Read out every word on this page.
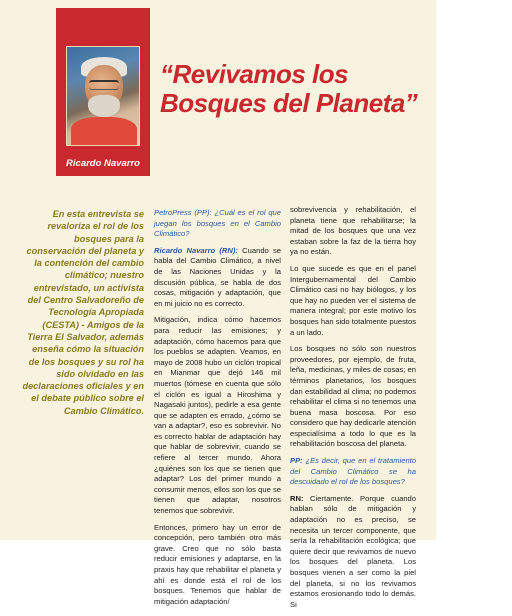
Ricardo Navarro
“Revivamos los Bosques del Planeta”
En esta entrevista se revaloriza el rol de los bosques para la conservación del planeta y la contención del cambio climático; nuestro entrevistado, un activista del Centro Salvadoreño de Tecnología Apropiada (CESTA) - Amigos de la Tierra El Salvador, además enseña cómo la situación de los bosques y su rol ha sido olvidado en las declaraciones oficiales y en el debate público sobre el Cambio Climático.

PetroPress (PP): ¿Cuál es el rol que juegan los bosques en el Cambio Climático?

Ricardo Navarro (RN): Cuando se habla del Cambio Climático, a nivel de las Naciones Unidas y la discusión pública, se habla de dos cosas, mitigación y adaptación, que en mi juicio no es correcto.

Mitigación, indica cómo hacemos para reducir las emisiones; y adaptación, cómo hacemos para que los pueblos se adapten. Veamos, en mayo de 2008 hubo un ciclón tropical en Mianmar que dejó 146 mil muertos (tómese en cuenta que sólo el ciclón es igual a Hiroshima y Nagasaki juntos), pedirle a esa gente que se adapten es errado, ¿cómo se van a adaptar?, eso es sobrevivir. No es correcto hablar de adaptación hay que hablar de sobrevivir, cuando se refiere al tercer mundo. Ahora ¿quiénes son los que se tienen que adaptar? Los del primer mundo a consumir menos, ellos son los que se tienen que adaptar, nosotros tenemos que sobrevivir.

Entonces, primero hay un error de concepción, pero también otro más grave. Creo que no sólo basta reducir emisiones y adaptarse, en la praxis hay que rehabilitar el planeta y ahí es donde está el rol de los bosques. Tenemos que hablar de mitigación adaptación/

sobrevivencia y rehabilitación, el planeta tiene que rehabilitarse; la mitad de los bosques que una vez estaban sobre la faz de la tierra hoy ya no están.

Lo que sucede es que en el panel Intergubernamental del Cambio Climático casi no hay biólogos, y los que hay no pueden ver el sistema de manera integral; por este motivo los bosques han sido totalmente puestos a un lado.

Los bosques no sólo son nuestros proveedores, por ejemplo, de fruta, leña, medicinas, y miles de cosas; en términos planetarios, los bosques dan estabilidad al clima; no podemos rehabilitar el clima si no tenemos una buena masa boscosa. Por eso considero que hay dedicarle atención especialísima a todo lo que es la rehabilitación boscosa del planeta.

PP: ¿Es decir, que en el tratamiento del Cambio Climático se ha descuidado el rol de los bosques?

RN: Ciertamente. Porque cuando hablan sólo de mitigación y adaptación no es preciso, se necesita un tercer componente, que sería la rehabilitación ecológica; que quiere decir que revivamos de nuevo los bosques del planeta. Los bosques vienen a ser como la piel del planeta, si no los revivamos estamos erosionando todo lo demás. Si
